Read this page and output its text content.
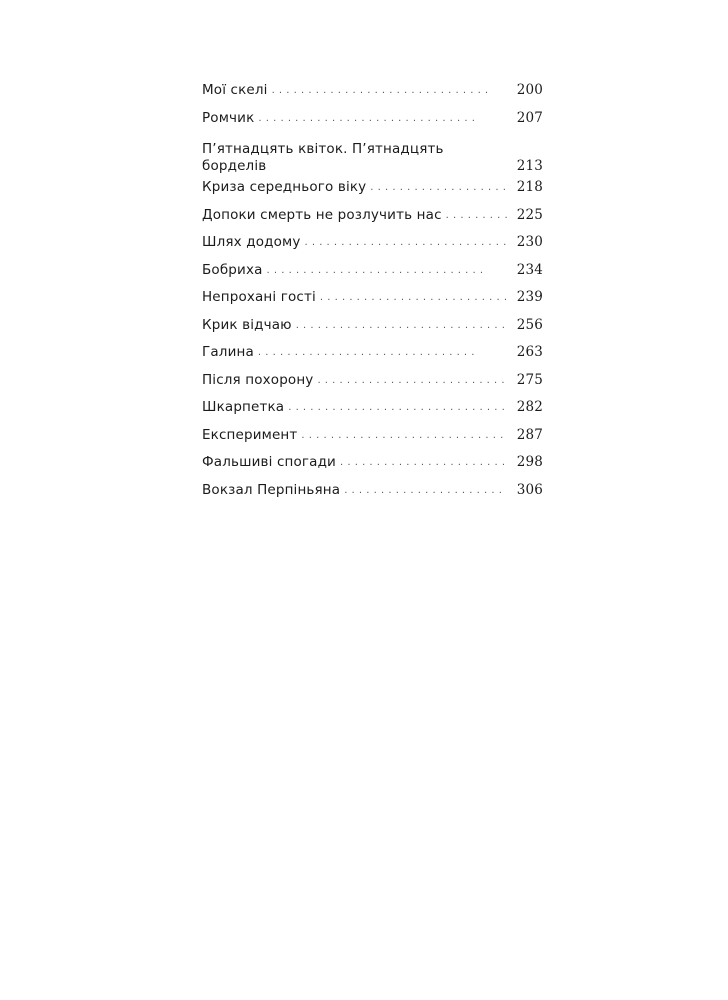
Мої скелі . . .	200
Ромчик . . .	207
П’ятнадцять квіток. П’ятнадцять борделів	213
Криза середнього віку . . .	218
Допоки смерть не розлучить нас . . .	225
Шлях додому . . .	230
Бобриха . . .	234
Непрохані гості . . .	239
Крик відчаю . . .	256
Галина . . .	263
Після похорону . . .	275
Шкарпетка . . .	282
Експеримент . . .	287
Фальшиві спогади . . .	298
Вокзал Перпіньяна . . .	306
